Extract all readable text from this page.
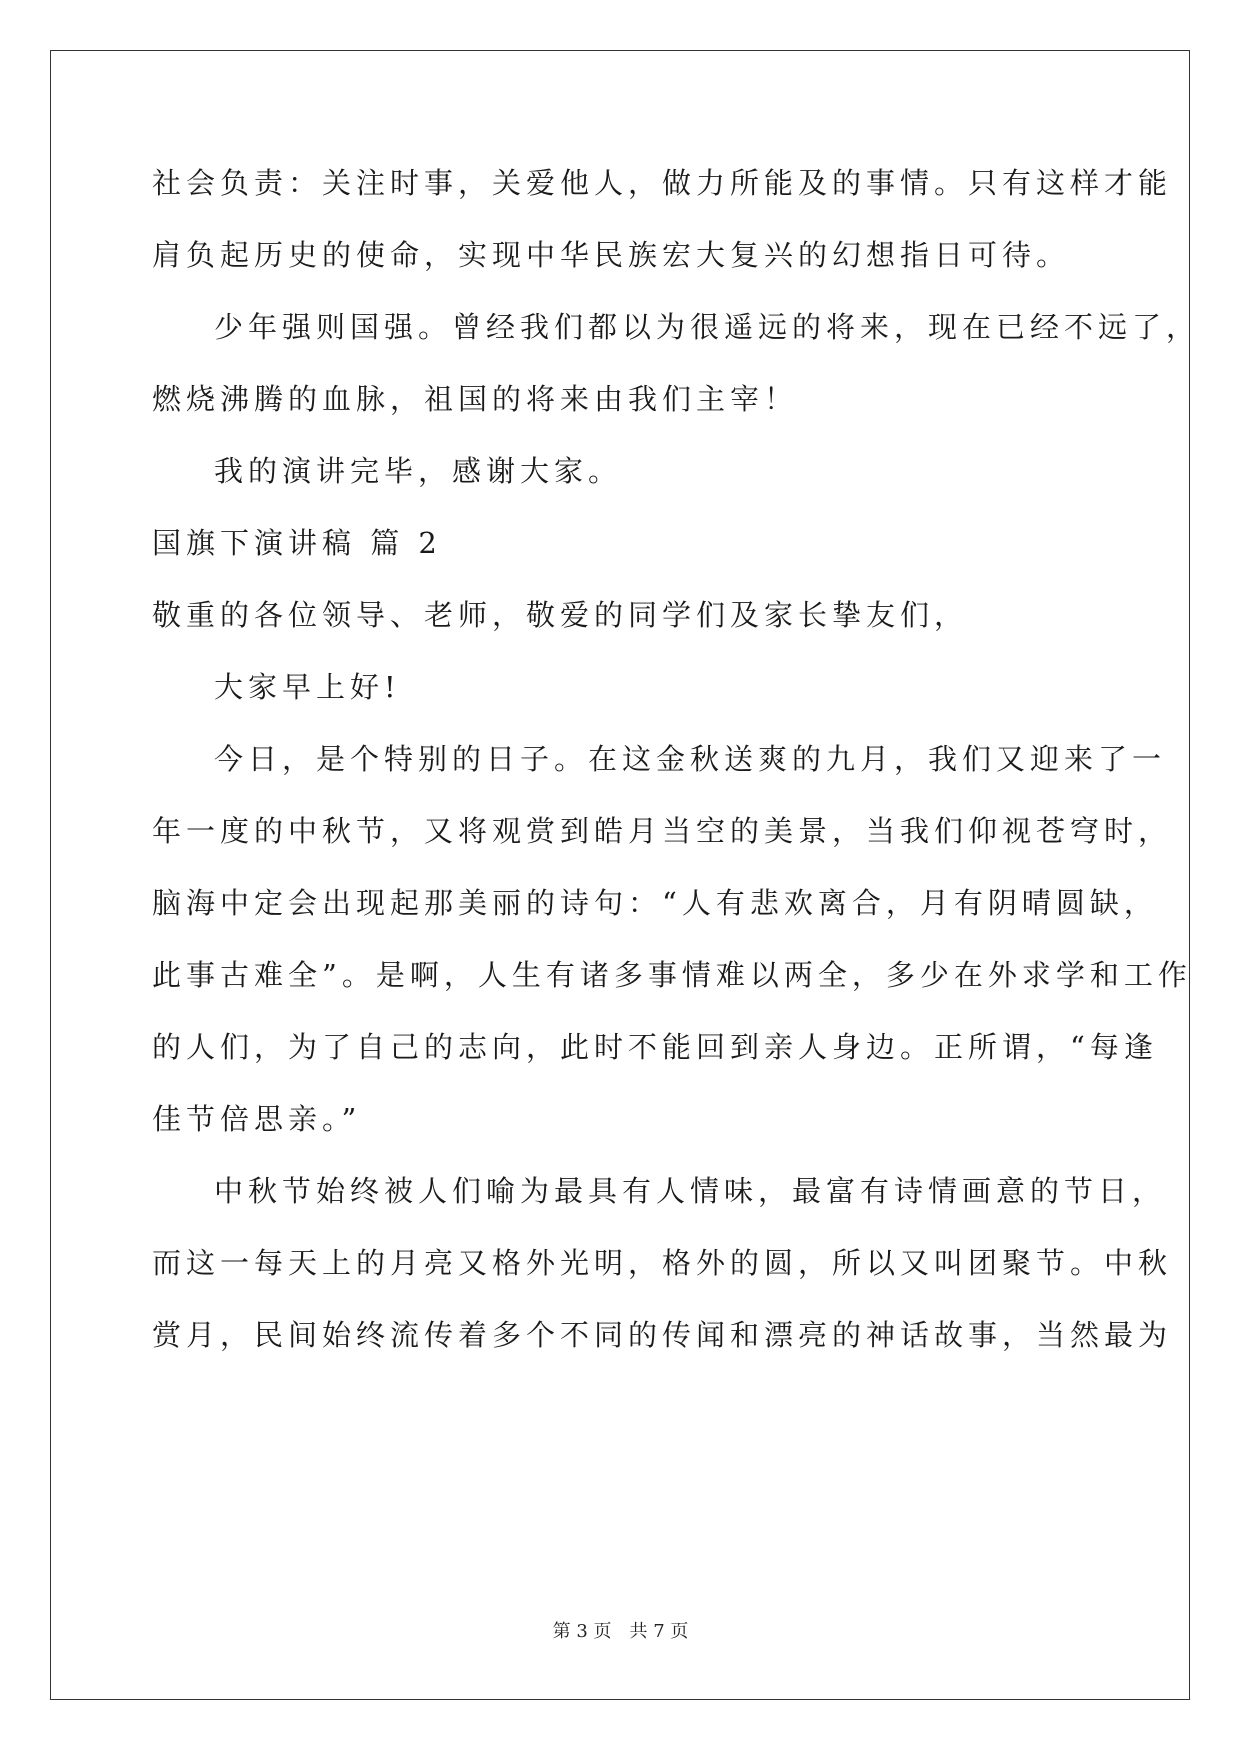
社会负责：关注时事，关爱他人，做力所能及的事情。只有这样才能
肩负起历史的使命，实现中华民族宏大复兴的幻想指日可待。
少年强则国强。曾经我们都以为很遥远的将来，现在已经不远了，
燃烧沸腾的血脉，祖国的将来由我们主宰！
我的演讲完毕，感谢大家。
国旗下演讲稿 篇 2
敬重的各位领导、老师，敬爱的同学们及家长挚友们，
大家早上好!
今日，是个特别的日子。在这金秋送爽的九月，我们又迎来了一
年一度的中秋节，又将观赏到皓月当空的美景，当我们仰视苍穹时，
脑海中定会出现起那美丽的诗句：“人有悲欢离合，月有阴晴圆缺，
此事古难全”。是啊，人生有诸多事情难以两全，多少在外求学和工作
的人们，为了自己的志向，此时不能回到亲人身边。正所谓，“每逢
佳节倍思亲。”
中秋节始终被人们喻为最具有人情味，最富有诗情画意的节日，
而这一每天上的月亮又格外光明，格外的圆，所以又叫团聚节。中秋
赏月，民间始终流传着多个不同的传闻和漂亮的神话故事，当然最为
第 3 页　共 7 页
